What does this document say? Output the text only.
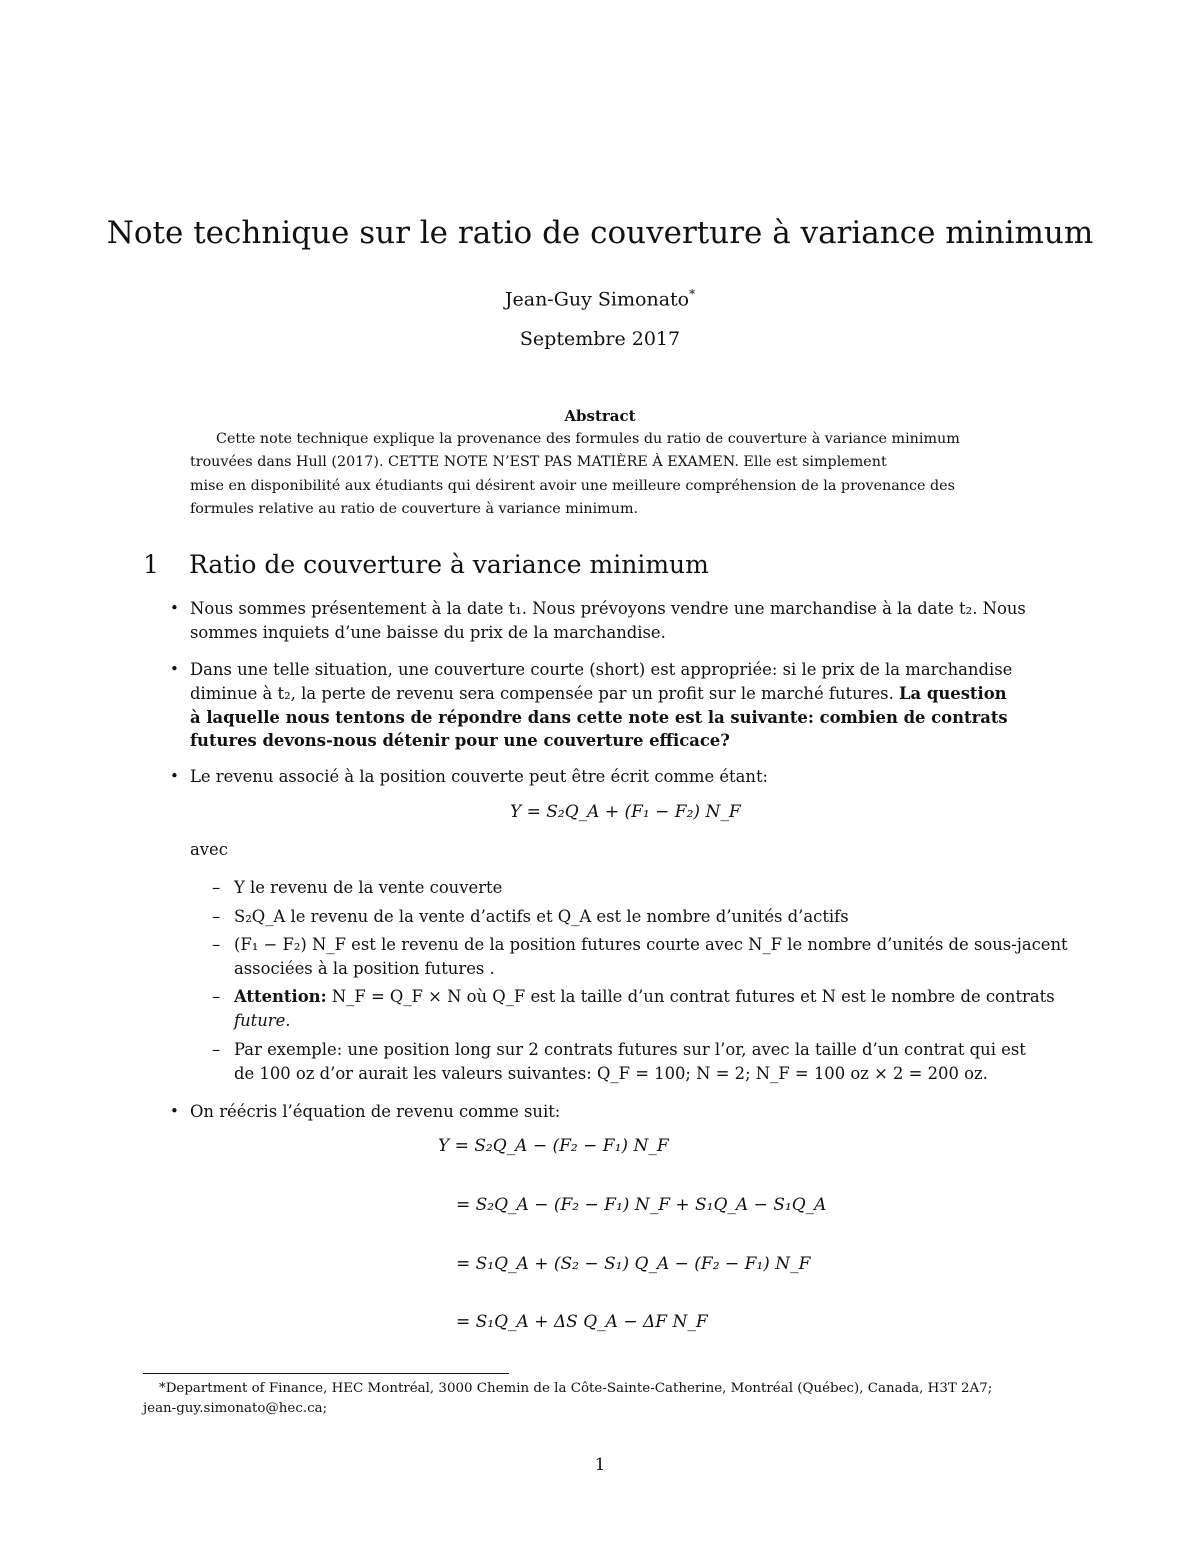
Note technique sur le ratio de couverture à variance minimum
Jean-Guy Simonato*
Septembre 2017
Abstract
Cette note technique explique la provenance des formules du ratio de couverture à variance minimum
trouvées dans Hull (2017). CETTE NOTE N’EST PAS MATIÈRE À EXAMEN. Elle est simplement
mise en disponibilité aux étudiants qui désirent avoir une meilleure compréhension de la provenance des
formules relative au ratio de couverture à variance minimum.
1 Ratio de couverture à variance minimum
• Nous sommes présentement à la date t₁. Nous prévoyons vendre une marchandise à la date t₂. Nous
sommes inquiets d’une baisse du prix de la marchandise.
• Dans une telle situation, une couverture courte (short) est appropriée: si le prix de la marchandise
diminue à t₂, la perte de revenu sera compensée par un profit sur le marché futures. La question
à laquelle nous tentons de répondre dans cette note est la suivante: combien de contrats
futures devons-nous détenir pour une couverture efficace?
• Le revenu associé à la position couverte peut être écrit comme étant:
Y = S₂Q_A + (F₁ − F₂) N_F
avec
– Y le revenu de la vente couverte
– S₂Q_A le revenu de la vente d’actifs et Q_A est le nombre d’unités d’actifs
– (F₁ − F₂) N_F est le revenu de la position futures courte avec N_F le nombre d’unités de sous-jacent
associées à la position futures .
– Attention: N_F = Q_F × N où Q_F est la taille d’un contrat futures et N est le nombre de contrats
future.
– Par exemple: une position long sur 2 contrats futures sur l’or, avec la taille d’un contrat qui est
de 100 oz d’or aurait les valeurs suivantes: Q_F = 100; N = 2; N_F = 100 oz × 2 = 200 oz.
• On réécris l’équation de revenu comme suit:
Y = S₂Q_A − (F₂ − F₁) N_F
= S₂Q_A − (F₂ − F₁) N_F + S₁Q_A − S₁Q_A
= S₁Q_A + (S₂ − S₁) Q_A − (F₂ − F₁) N_F
= S₁Q_A + ΔS Q_A − ΔF N_F
*Department of Finance, HEC Montréal, 3000 Chemin de la Côte-Sainte-Catherine, Montréal (Québec), Canada, H3T 2A7;
jean-guy.simonato@hec.ca;
1
